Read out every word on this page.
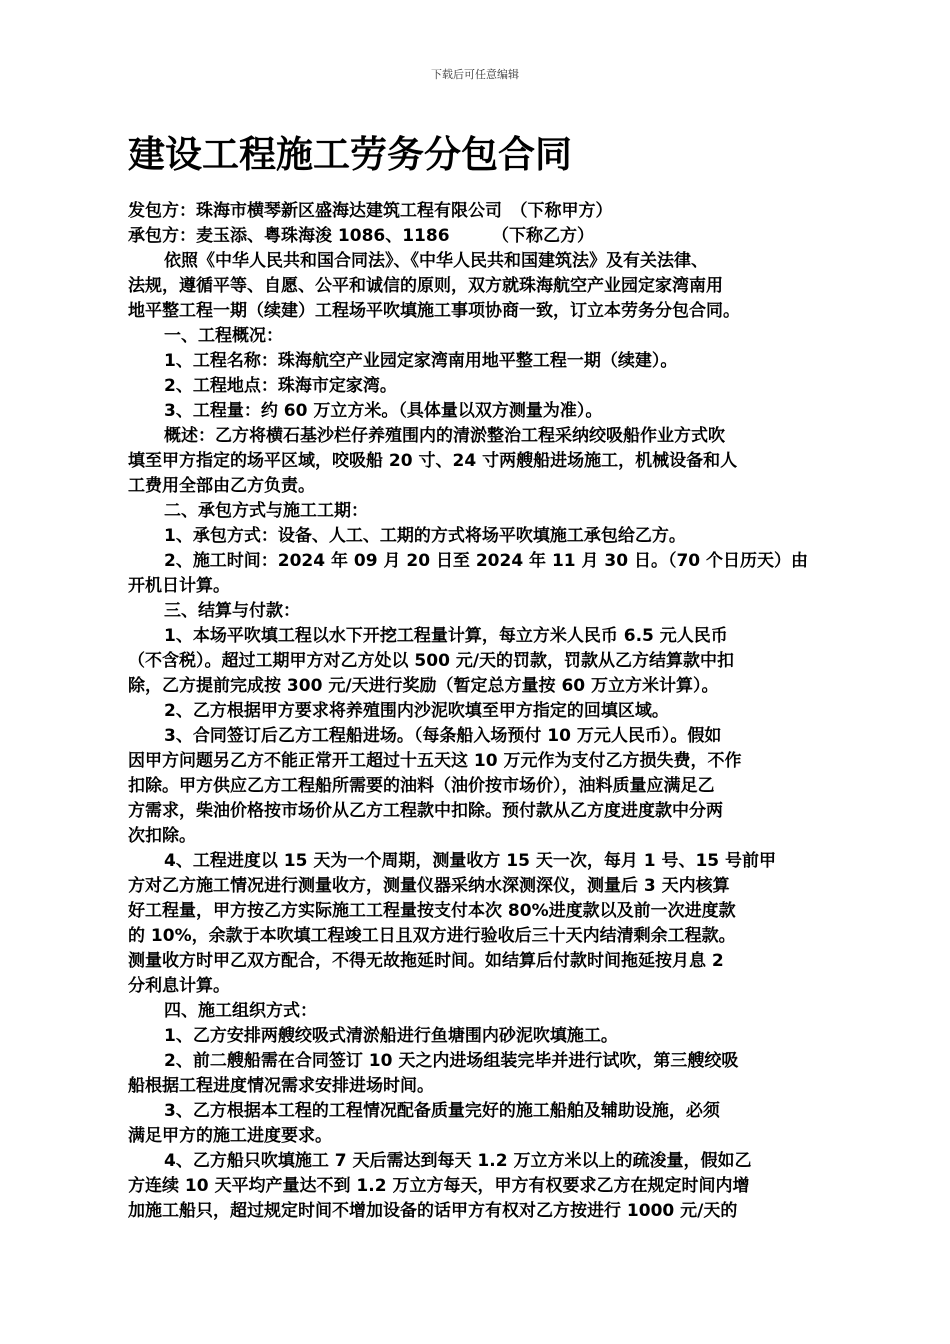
下载后可任意编辑
建设工程施工劳务分包合同
发包方：珠海市横琴新区盛海达建筑工程有限公司　（下称甲方）
承包方：麦玉添、粤珠海浚 1086、1186　　　（下称乙方）
依照《中华人民共和国合同法》、《中华人民共和国建筑法》及有关法律、
法规，遵循平等、自愿、公平和诚信的原则，双方就珠海航空产业园定家湾南用
地平整工程一期（续建）工程场平吹填施工事项协商一致，订立本劳务分包合同。
一、工程概况：
1、工程名称：珠海航空产业园定家湾南用地平整工程一期（续建）。
2、工程地点：珠海市定家湾。
3、工程量：约 60 万立方米。（具体量以双方测量为准）。
概述：乙方将横石基沙栏仔养殖围内的清淤整治工程采纳绞吸船作业方式吹
填至甲方指定的场平区域，咬吸船 20 寸、24 寸两艘船进场施工，机械设备和人
工费用全部由乙方负责。
二、承包方式与施工工期：
1、承包方式：设备、人工、工期的方式将场平吹填施工承包给乙方。
2、施工时间：2024 年 09 月 20 日至 2024 年 11 月 30 日。（70 个日历天）由
开机日计算。
三、结算与付款：
1、本场平吹填工程以水下开挖工程量计算，每立方米人民币 6.5 元人民币
（不含税）。超过工期甲方对乙方处以 500 元/天的罚款，罚款从乙方结算款中扣
除，乙方提前完成按 300 元/天进行奖励（暂定总方量按 60 万立方米计算）。
2、乙方根据甲方要求将养殖围内沙泥吹填至甲方指定的回填区域。
3、合同签订后乙方工程船进场。（每条船入场预付 10 万元人民币）。假如
因甲方问题另乙方不能正常开工超过十五天这 10 万元作为支付乙方损失费，不作
扣除。甲方供应乙方工程船所需要的油料（油价按市场价），油料质量应满足乙
方需求，柴油价格按市场价从乙方工程款中扣除。预付款从乙方度进度款中分两
次扣除。
4、工程进度以 15 天为一个周期，测量收方 15 天一次，每月 1 号、15 号前甲
方对乙方施工情况进行测量收方，测量仪器采纳水深测深仪，测量后 3 天内核算
好工程量，甲方按乙方实际施工工程量按支付本次 80%进度款以及前一次进度款
的 10%，余款于本吹填工程竣工日且双方进行验收后三十天内结清剩余工程款。
测量收方时甲乙双方配合，不得无故拖延时间。如结算后付款时间拖延按月息 2
分利息计算。
四、施工组织方式：
1、乙方安排两艘绞吸式清淤船进行鱼塘围内砂泥吹填施工。
2、前二艘船需在合同签订 10 天之内进场组装完毕并进行试吹，第三艘绞吸
船根据工程进度情况需求安排进场时间。
3、乙方根据本工程的工程情况配备质量完好的施工船舶及辅助设施，必须
满足甲方的施工进度要求。
4、乙方船只吹填施工 7 天后需达到每天 1.2 万立方米以上的疏浚量，假如乙
方连续 10 天平均产量达不到 1.2 万立方每天，甲方有权要求乙方在规定时间内增
加施工船只，超过规定时间不增加设备的话甲方有权对乙方按进行 1000 元/天的
